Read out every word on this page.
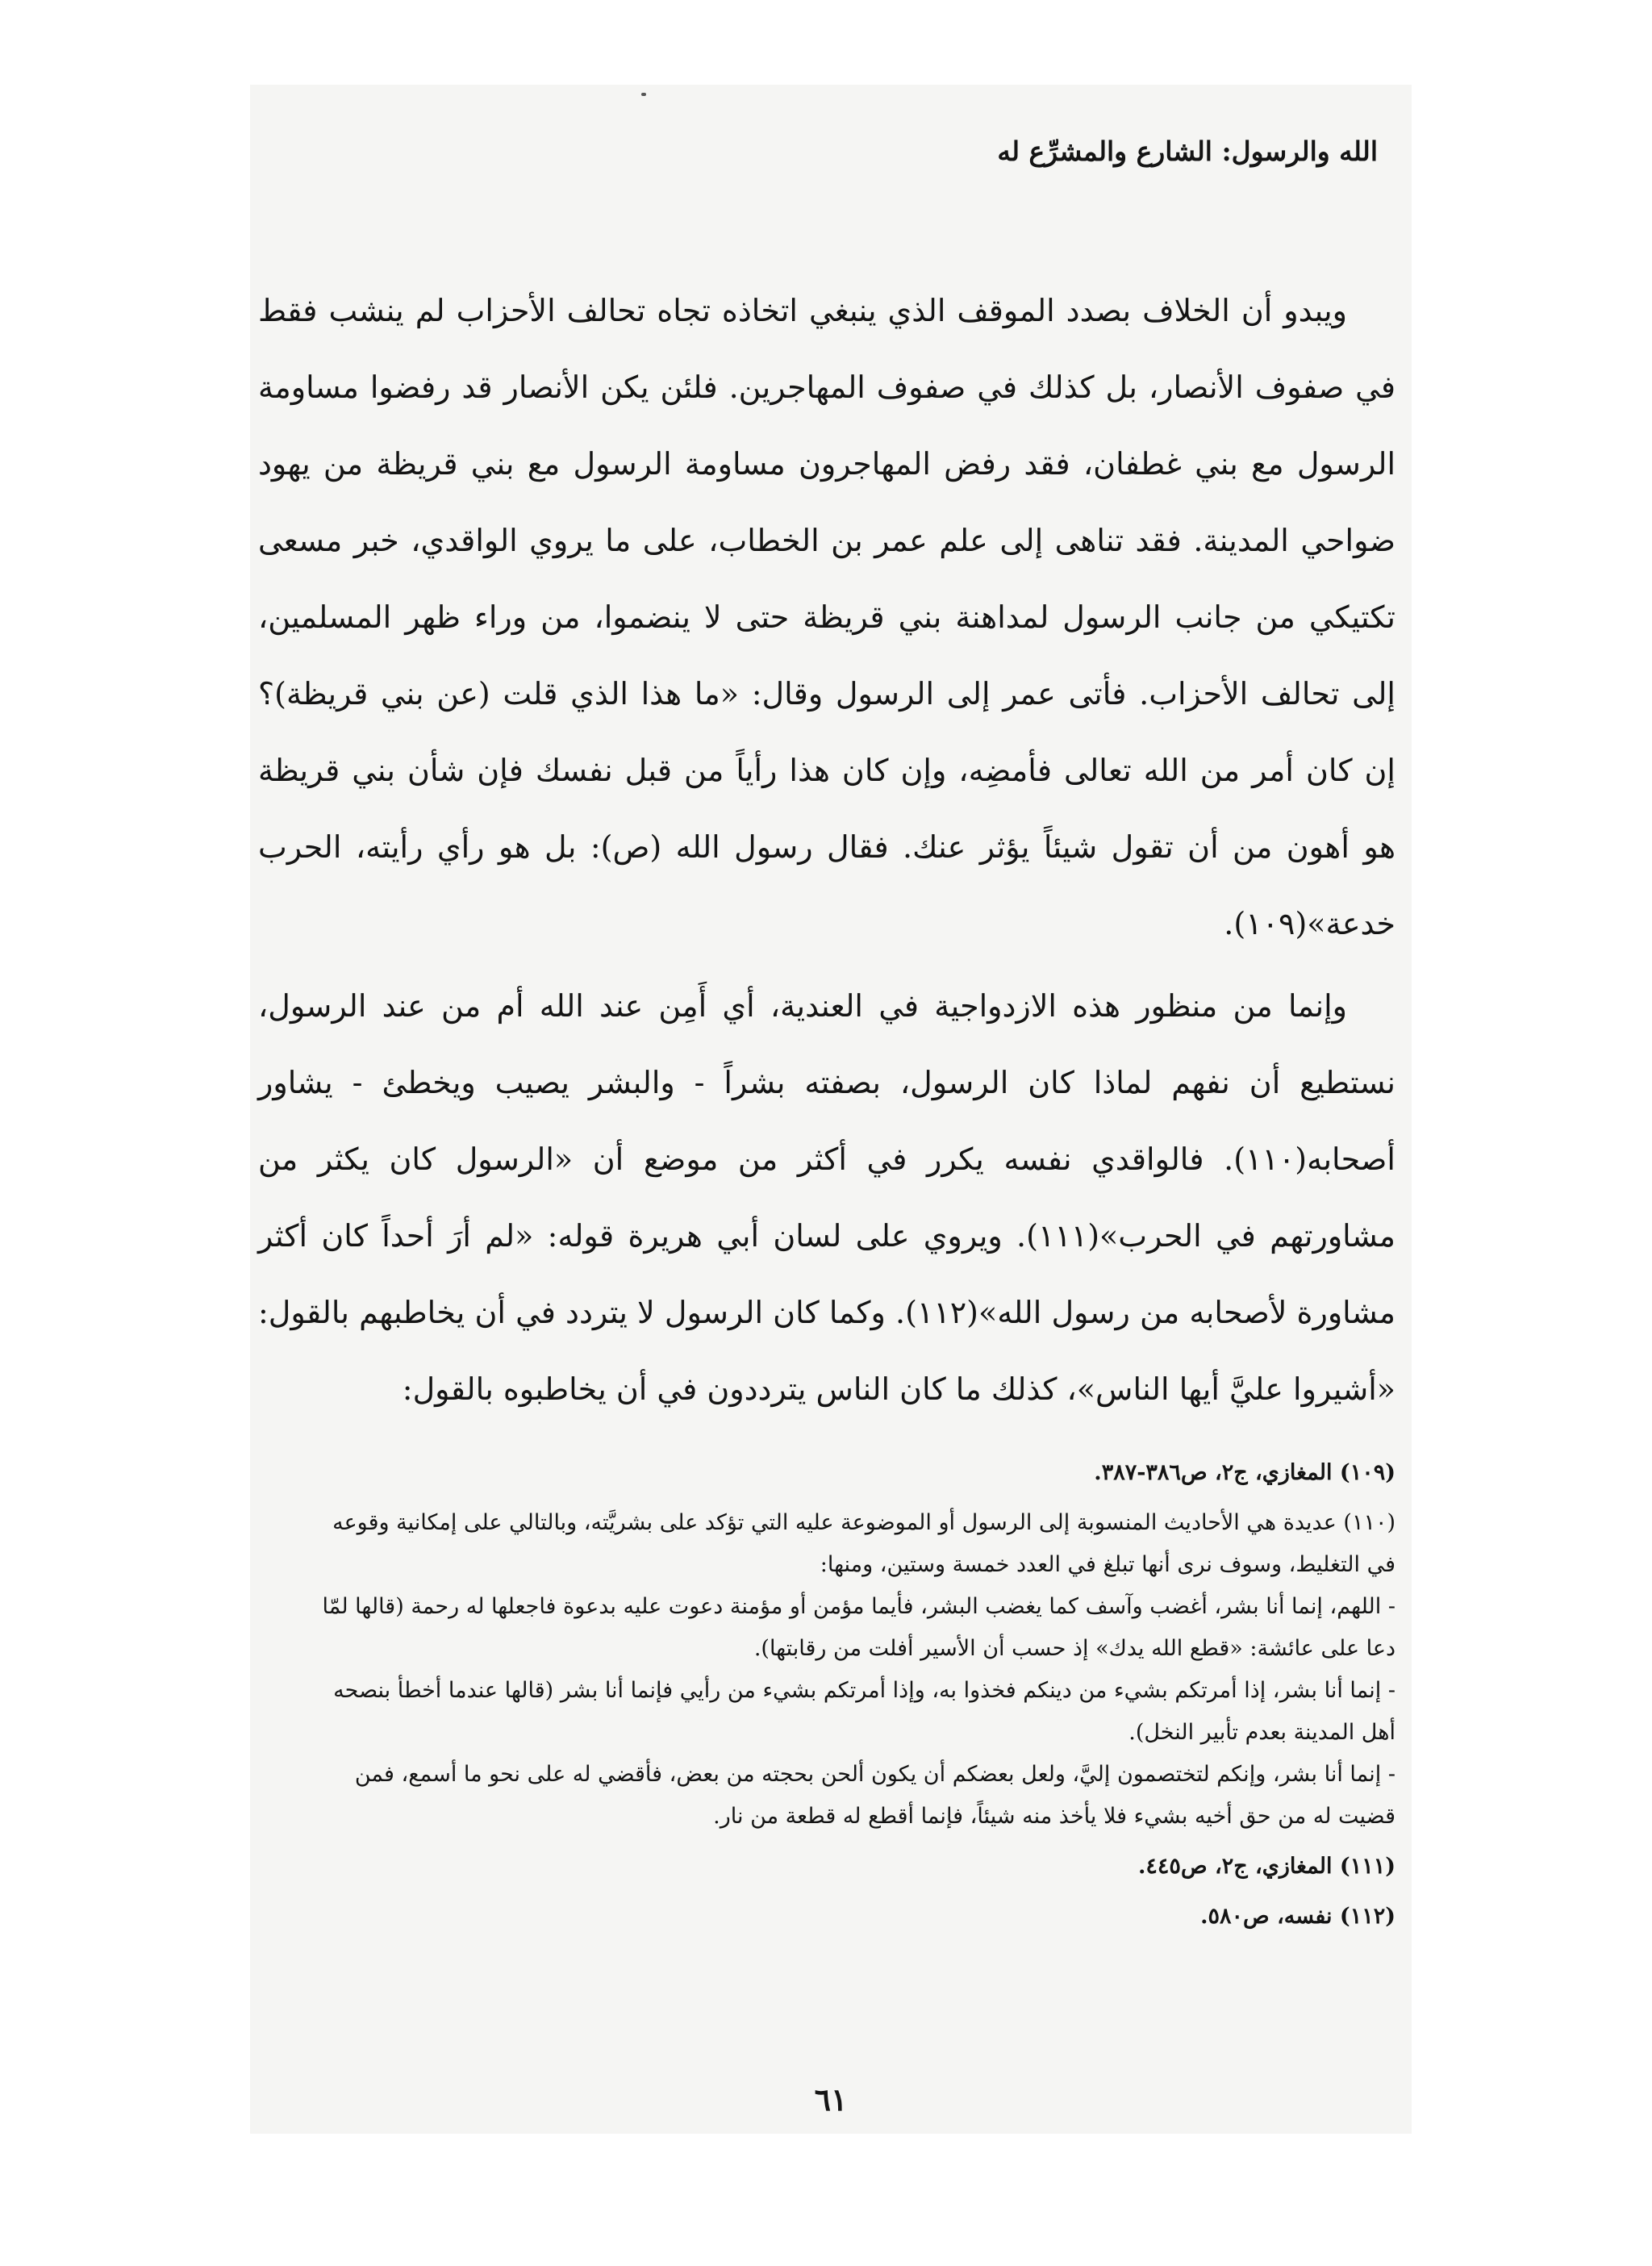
الله والرسول: الشارع والمشرِّع له

ويبدو أن الخلاف بصدد الموقف الذي ينبغي اتخاذه تجاه تحالف الأحزاب لم ينشب فقط في صفوف الأنصار، بل كذلك في صفوف المهاجرين. فلئن يكن الأنصار قد رفضوا مساومة الرسول مع بني غطفان، فقد رفض المهاجرون مساومة الرسول مع بني قريظة من يهود ضواحي المدينة. فقد تناهى إلى علم عمر بن الخطاب، على ما يروي الواقدي، خبر مسعى تكتيكي من جانب الرسول لمداهنة بني قريظة حتى لا ينضموا، من وراء ظهر المسلمين، إلى تحالف الأحزاب. فأتى عمر إلى الرسول وقال: «ما هذا الذي قلت (عن بني قريظة)؟ إن كان أمر من الله تعالى فأمضِه، وإن كان هذا رأياً من قبل نفسك فإن شأن بني قريظة هو أهون من أن تقول شيئاً يؤثر عنك. فقال رسول الله (ص): بل هو رأي رأيته، الحرب خدعة»(١٠٩).

وإنما من منظور هذه الازدواجية في العندية، أي أَمِن عند الله أم من عند الرسول، نستطيع أن نفهم لماذا كان الرسول، بصفته بشراً - والبشر يصيب ويخطئ - يشاور أصحابه(١١٠). فالواقدي نفسه يكرر في أكثر من موضع أن «الرسول كان يكثر من مشاورتهم في الحرب»(١١١). ويروي على لسان أبي هريرة قوله: «لم أرَ أحداً كان أكثر مشاورة لأصحابه من رسول الله»(١١٢). وكما كان الرسول لا يتردد في أن يخاطبهم بالقول: «أشيروا عليَّ أيها الناس»، كذلك ما كان الناس يترددون في أن يخاطبوه بالقول:

(١٠٩) المغازي، ج٢، ص٣٨٦-٣٨٧.

(١١٠) عديدة هي الأحاديث المنسوبة إلى الرسول أو الموضوعة عليه التي تؤكد على بشريَّته، وبالتالي على إمكانية وقوعه

في التغليط، وسوف نرى أنها تبلغ في العدد خمسة وستين، ومنها:

- اللهم، إنما أنا بشر، أغضب وآسف كما يغضب البشر، فأيما مؤمن أو مؤمنة دعوت عليه بدعوة فاجعلها له رحمة (قالها لمّا

دعا على عائشة: «قطع الله يدك» إذ حسب أن الأسير أفلت من رقابتها).

- إنما أنا بشر، إذا أمرتكم بشيء من دينكم فخذوا به، وإذا أمرتكم بشيء من رأيي فإنما أنا بشر (قالها عندما أخطأ بنصحه

أهل المدينة بعدم تأبير النخل).

- إنما أنا بشر، وإنكم لتختصمون إليَّ، ولعل بعضكم أن يكون ألحن بحجته من بعض، فأقضي له على نحو ما أسمع، فمن

قضيت له من حق أخيه بشيء فلا يأخذ منه شيئاً، فإنما أقطع له قطعة من نار.

(١١١) المغازي، ج٢، ص٤٤٥.

(١١٢) نفسه، ص٥٨٠.

٦١
